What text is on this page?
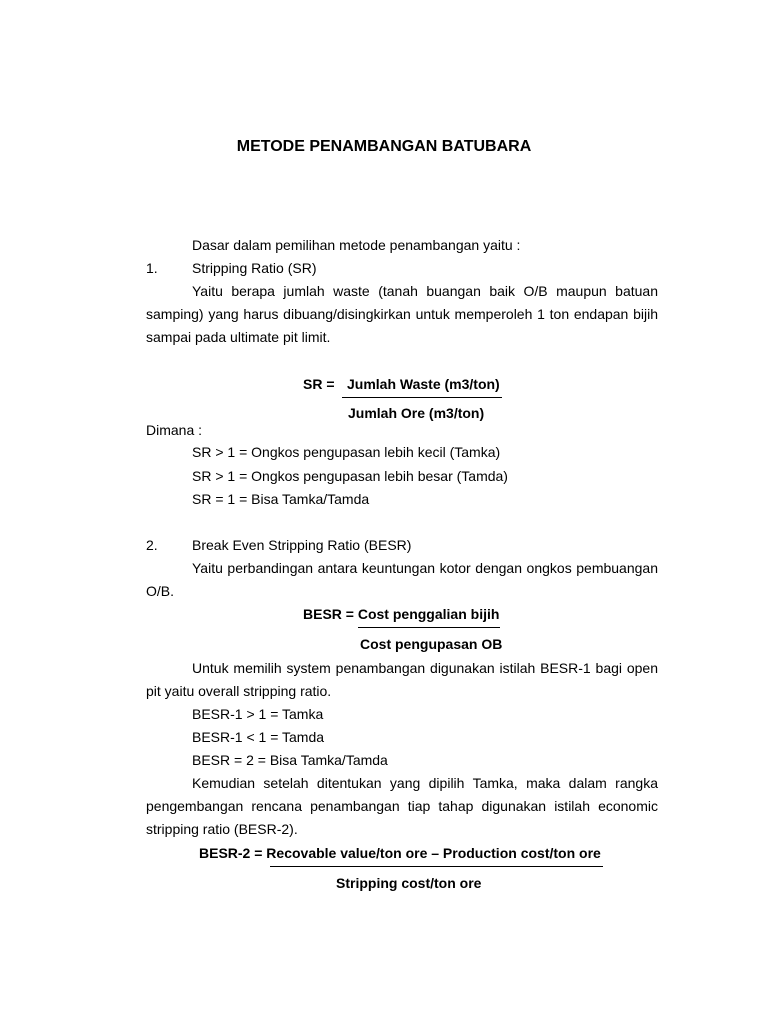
METODE PENAMBANGAN BATUBARA
Dasar dalam pemilihan metode penambangan yaitu :
1. Stripping Ratio (SR)
Yaitu berapa jumlah waste (tanah buangan baik O/B maupun batuan
samping) yang harus dibuang/disingkirkan untuk memperoleh 1 ton endapan bijih
sampai pada ultimate pit limit.
SR = Jumlah Waste (m3/ton)
Jumlah Ore (m3/ton)
Dimana :
SR > 1 = Ongkos pengupasan lebih kecil (Tamka)
SR > 1 = Ongkos pengupasan lebih besar (Tamda)
SR = 1 = Bisa Tamka/Tamda
2. Break Even Stripping Ratio (BESR)
Yaitu perbandingan antara keuntungan kotor dengan ongkos pembuangan
O/B.
BESR = Cost penggalian bijih
Cost pengupasan OB
Untuk memilih system penambangan digunakan istilah BESR-1 bagi open
pit yaitu overall stripping ratio.
BESR-1 > 1 = Tamka
BESR-1 < 1 = Tamda
BESR = 2 = Bisa Tamka/Tamda
Kemudian setelah ditentukan yang dipilih Tamka, maka dalam rangka
pengembangan rencana penambangan tiap tahap digunakan istilah economic
stripping ratio (BESR-2).
BESR-2 = Recovable value/ton ore – Production cost/ton ore
Stripping cost/ton ore
